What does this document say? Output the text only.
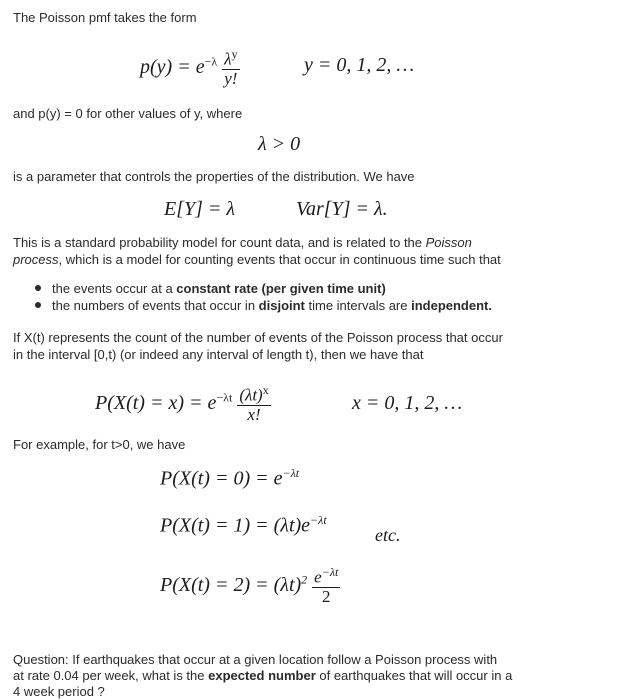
The Poisson pmf takes the form
$p(y) = e^{-\lambda} \frac{\lambda^y}{y!}$	y = 0, 1, 2, …
and p(y) = 0 for other values of y, where
λ > 0
is a parameter that controls the properties of the distribution. We have
E[Y] = λ	Var[Y] = λ.
This is a standard probability model for count data, and is related to the Poisson
process, which is a model for counting events that occur in continuous time such that
the events occur at a constant rate (per given time unit)
the numbers of events that occur in disjoint time intervals are independent.
If X(t) represents the count of the number of events of the Poisson process that occur
in the interval [0,t) (or indeed any interval of length t), then we have that
$P(X(t) = x) = e^{-\lambda t} \frac{(\lambda t)^x}{x!}$	x = 0, 1, 2, …
For example, for t>0, we have
$P(X(t) = 0) = e^{-\lambda t}$
$P(X(t) = 1) = (\lambda t)e^{-\lambda t}$
etc.
$P(X(t) = 2) = (\lambda t)^2 \frac{e^{-\lambda t}}{2}$
Question: If earthquakes that occur at a given location follow a Poisson process with
at rate 0.04 per week, what is the expected number of earthquakes that will occur in a
4 week period ?
